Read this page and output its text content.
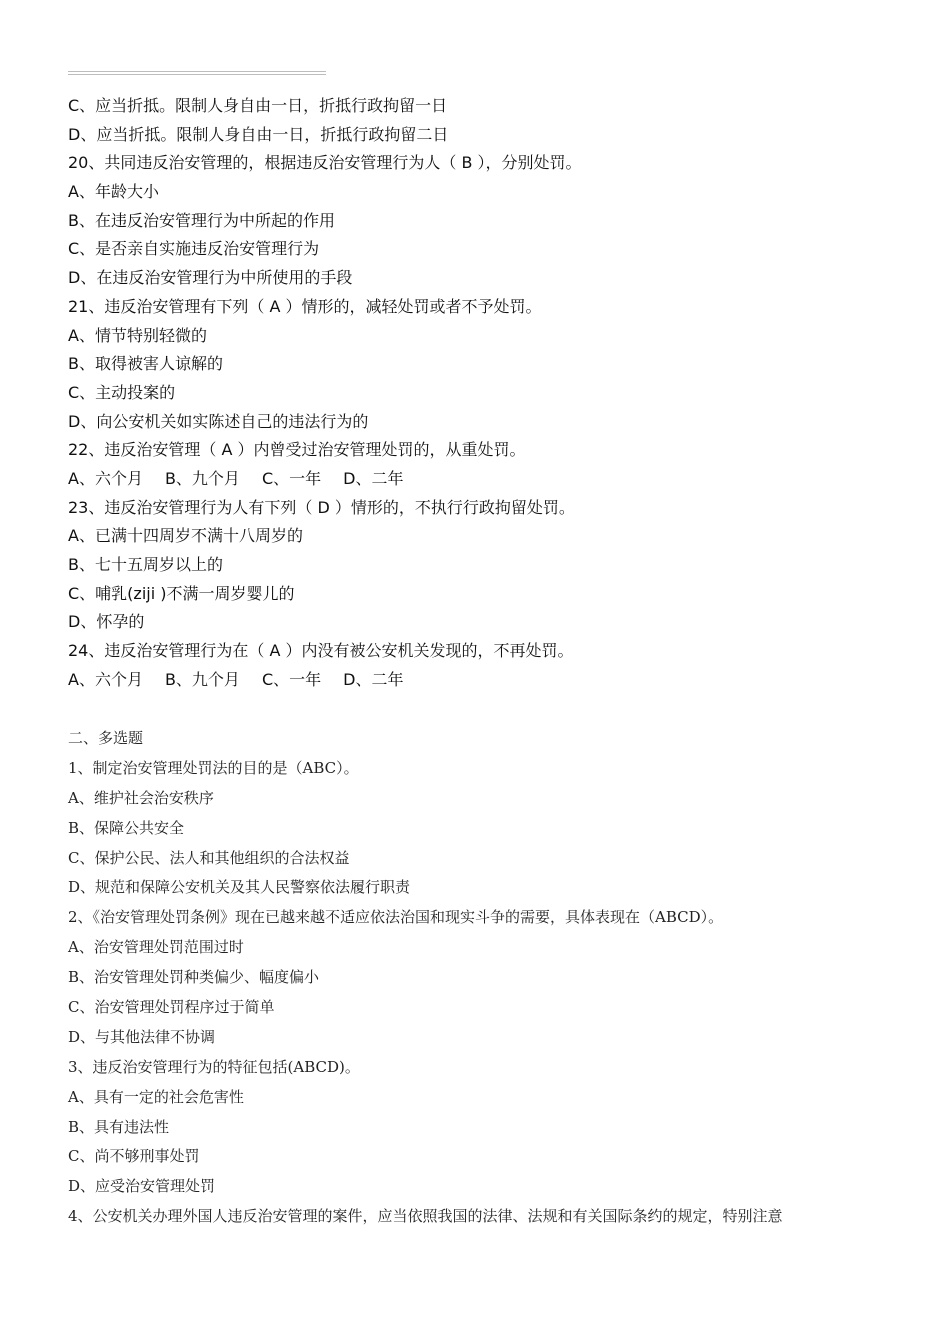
C、应当折抵。限制人身自由一日，折抵行政拘留一日
D、应当折抵。限制人身自由一日，折抵行政拘留二日
20、共同违反治安管理的，根据违反治安管理行为人（ B ），分别处罚。
A、年龄大小
B、在违反治安管理行为中所起的作用
C、是否亲自实施违反治安管理行为
D、在违反治安管理行为中所使用的手段
21、违反治安管理有下列（ A ）情形的，减轻处罚或者不予处罚。
A、情节特别轻微的
B、取得被害人谅解的
C、主动投案的
D、向公安机关如实陈述自己的违法行为的
22、违反治安管理（ A ）内曾受过治安管理处罚的，从重处罚。
A、六个月 B、九个月 C、一年 D、二年
23、违反治安管理行为人有下列（ D ）情形的，不执行行政拘留处罚。
A、已满十四周岁不满十八周岁的
B、七十五周岁以上的
C、哺乳(ziji )不满一周岁婴儿的
D、怀孕的
24、违反治安管理行为在（ A ）内没有被公安机关发现的，不再处罚。
A、六个月 B、九个月 C、一年 D、二年
二、多选题
1、制定治安管理处罚法的目的是（ABC）。
A、维护社会治安秩序
B、保障公共安全
C、保护公民、法人和其他组织的合法权益
D、规范和保障公安机关及其人民警察依法履行职责
2、《治安管理处罚条例》现在已越来越不适应依法治国和现实斗争的需要，具体表现在（ABCD）。
A、治安管理处罚范围过时
B、治安管理处罚种类偏少、幅度偏小
C、治安管理处罚程序过于简单
D、与其他法律不协调
3、违反治安管理行为的特征包括(ABCD)。
A、具有一定的社会危害性
B、具有违法性
C、尚不够刑事处罚
D、应受治安管理处罚
4、公安机关办理外国人违反治安管理的案件，应当依照我国的法律、法规和有关国际条约的规定，特别注意
